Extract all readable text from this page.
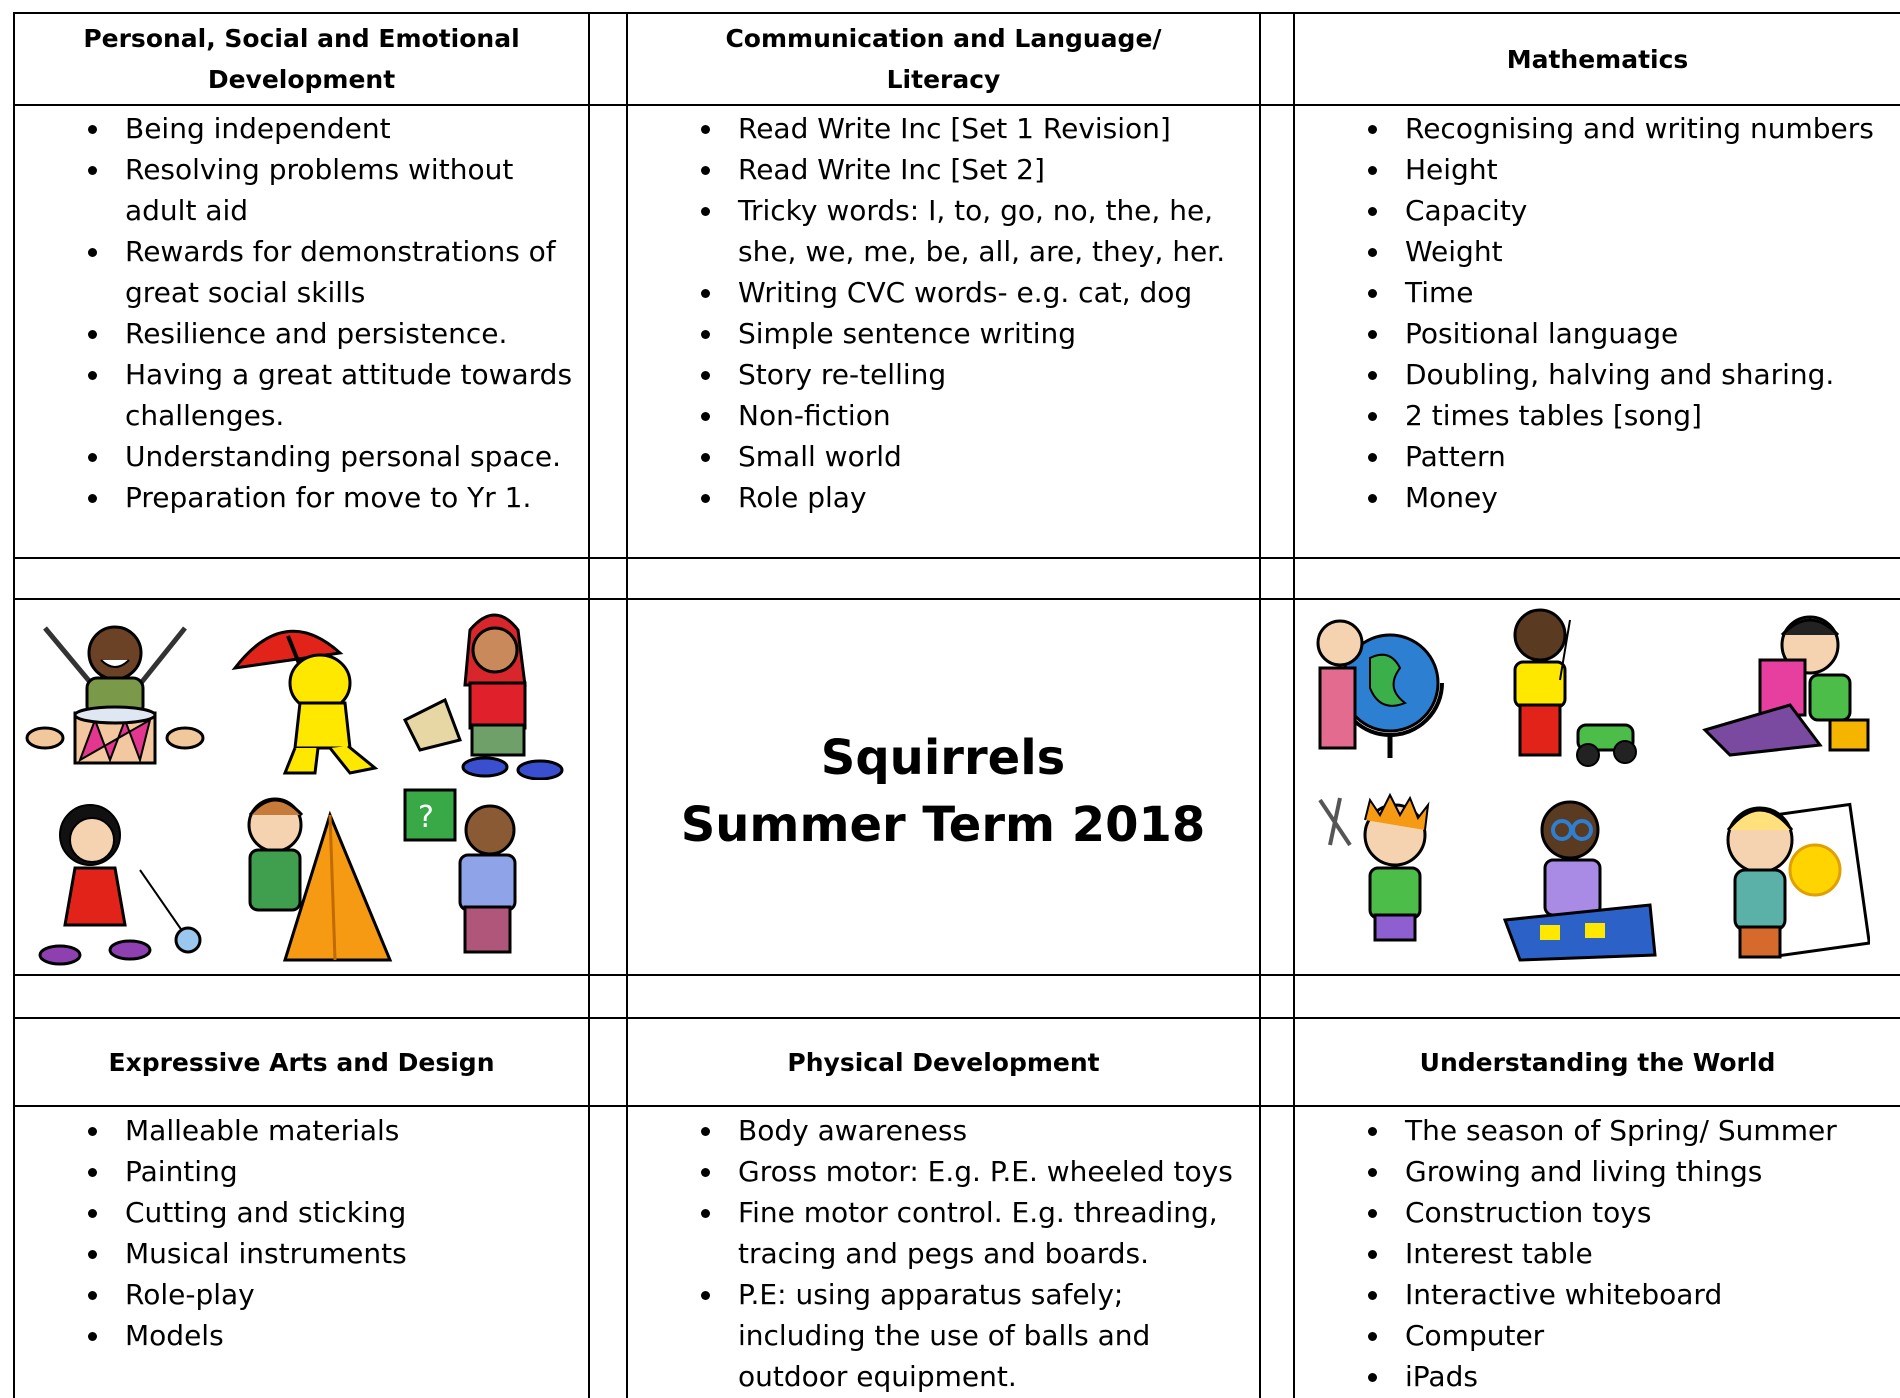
Personal, Social and Emotional
Development
Communication and Language/
Literacy
Mathematics
Being independent
Resolving problems without adult aid
Rewards for demonstrations of great social skills
Resilience and persistence.
Having a great attitude towards challenges.
Understanding personal space.
Preparation for move to Yr 1.
Read Write Inc [Set 1 Revision]
Read Write Inc [Set 2]
Tricky words: I, to, go, no, the, he, she, we, me, be, all, are, they, her.
Writing CVC words- e.g. cat, dog
Simple sentence writing
Story re-telling
Non-fiction
Small world
Role play
Recognising and writing numbers
Height
Capacity
Weight
Time
Positional language
Doubling, halving and sharing.
2 times tables [song]
Pattern
Money
Squirrels
Summer Term 2018
?
Expressive Arts and Design	Physical Development	Understanding the World
Malleable materials
Painting
Cutting and sticking
Musical instruments
Role-play
Models
Body awareness
Gross motor: E.g. P.E. wheeled toys
Fine motor control. E.g. threading, tracing and pegs and boards.
P.E: using apparatus safely; including the use of balls and outdoor equipment.
The season of Spring/ Summer
Growing and living things
Construction toys
Interest table
Interactive whiteboard
Computer
iPads
